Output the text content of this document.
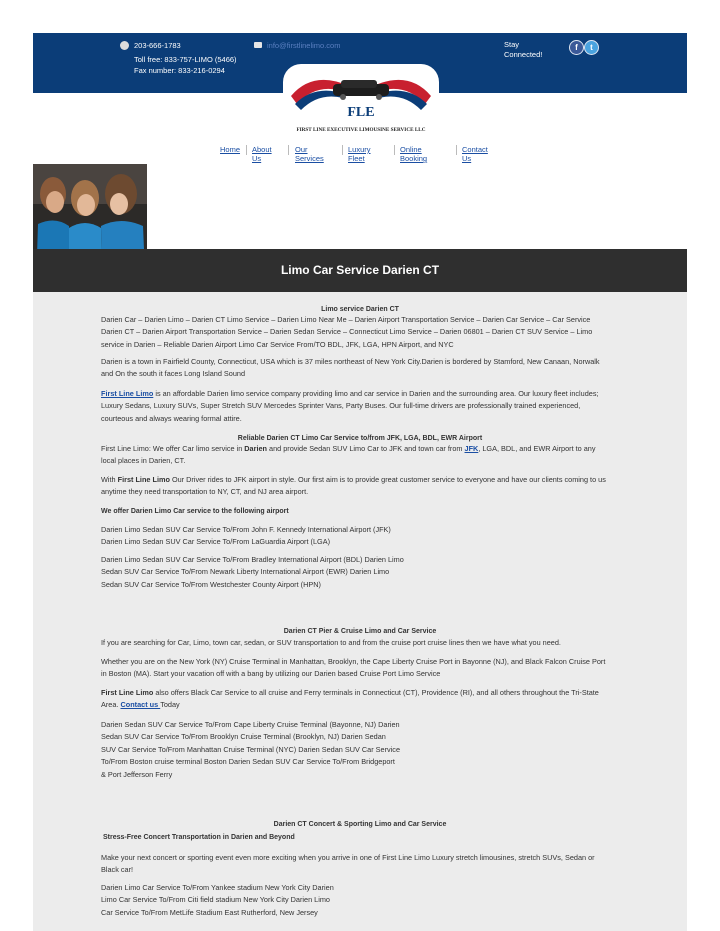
203-666-1783	info@firstlinelimo.com
Toll free: 833-757-LIMO (5466)
Fax number: 833-216-0294
Stay Connected!
f	t
FLE
FIRST LINE EXECUTIVE LIMOUSINE SERVICE LLC
Home About Us
Our Services
Luxury Fleet
Online Booking
Contact Us
Limo Car Service Darien CT
Limo service Darien CT
Darien Car – Darien Limo – Darien CT Limo Service – Darien Limo Near Me – Darien Airport Transportation Service – Darien Car Service – Car Service Darien CT – Darien Airport Transportation Service – Darien Sedan Service – Connecticut Limo Service – Darien 06801 – Darien CT SUV Service – Limo service in Darien – Reliable Darien Airport Limo Car Service From/TO BDL, JFK, LGA, HPN Airport, and NYC
Darien is a town in Fairfield County, Connecticut, USA which is 37 miles northeast of New York City.Darien is bordered by Stamford, New Canaan, Norwalk and On the south it faces Long Island Sound
First Line Limo is an affordable Darien limo service company providing limo and car service in Darien and the surrounding area. Our luxury fleet includes; Luxury Sedans, Luxury SUVs, Super Stretch SUV Mercedes Sprinter Vans, Party Buses. Our full-time drivers are professionally trained experienced, courteous and always wearing formal attire.
Reliable Darien CT Limo Car Service to/from JFK, LGA, BDL, EWR Airport
First Line Limo: We offer Car limo service in Darien and provide Sedan SUV Limo Car to JFK and town car from JFK, LGA, BDL, and EWR Airport to any local places in Darien, CT.
With First Line Limo Our Driver rides to JFK airport in style. Our first aim is to provide great customer service to everyone and have our clients coming to us anytime they need transportation to NY, CT, and NJ area airport.
We offer Darien Limo Car service to the following airport
Darien Limo Sedan SUV Car Service To/From John F. Kennedy International Airport (JFK) Darien Limo Sedan SUV Car Service To/From LaGuardia Airport (LGA)
Darien Limo Sedan SUV Car Service To/From Bradley International Airport (BDL) Darien Limo Sedan SUV Car Service To/From Newark Liberty International Airport (EWR) Darien Limo Sedan SUV Car Service To/From Westchester County Airport (HPN)
Darien CT Pier & Cruise Limo and Car Service
If you are searching for Car, Limo, town car, sedan, or SUV transportation to and from the cruise port cruise lines then we have what you need.
Whether you are on the New York (NY) Cruise Terminal in Manhattan, Brooklyn, the Cape Liberty Cruise Port in Bayonne (NJ), and Black Falcon Cruise Port in Boston (MA). Start your vacation off with a bang by utilizing our Darien based Cruise Port Limo Service
First Line Limo also offers Black Car Service to all cruise and Ferry terminals in Connecticut (CT), Providence (RI), and all others throughout the Tri-State Area. Contact us Today
Darien Sedan SUV Car Service To/From Cape Liberty Cruise Terminal (Bayonne, NJ) Darien Sedan SUV Car Service To/From Brooklyn Cruise Terminal (Brooklyn, NJ) Darien Sedan SUV Car Service To/From Manhattan Cruise Terminal (NYC) Darien Sedan SUV Car Service To/From Boston cruise terminal Boston Darien Sedan SUV Car Service To/From Bridgeport & Port Jefferson Ferry
Darien CT Concert & Sporting Limo and Car Service
Stress-Free Concert Transportation in Darien and Beyond
Make your next concert or sporting event even more exciting when you arrive in one of First Line Limo Luxury stretch limousines, stretch SUVs, Sedan or Black car!
Darien Limo Car Service To/From Yankee stadium New York City Darien Limo Car Service To/From Citi field stadium New York City Darien Limo Car Service To/From MetLife Stadium East Rutherford, New Jersey
